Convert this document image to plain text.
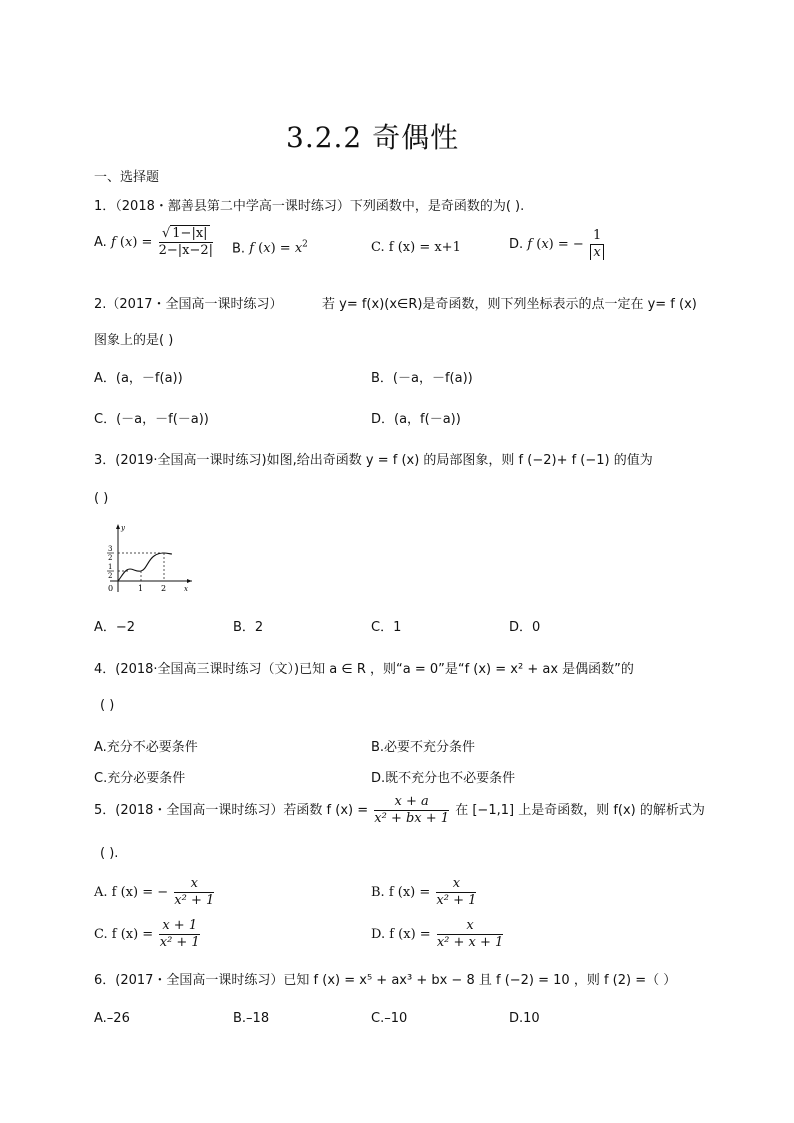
3.2.2 奇偶性
一、选择题
1．（2018・鄯善县第二中学高一课时练习）下列函数中，是奇函数的为( ).
A. f $(x) = \frac{√ 1-|x|}{2-|x-2|} B$. f $(x) = x^2$	C. f (x) = x+1	D. f (x) = − $\frac{1}{x}$
2.（2017・全国高一课时练习）	若 y= f(x)(x∈R)是奇函数，则下列坐标表示的点一定在 y= f (x)
图象上的是( )
A．(a，－f(a))	B．(－a，－f(a))
C．(－a，－f(－a))	D．(a，f(－a))
3．(2019·全国高一课时练习)如图,给出奇函数 y = f (x) 的局部图象，则 f (−2)+ f (−1) 的值为
( )
y
x
0	1 2
3
2
1
2
A．−2	B．2	C．1	D．0
4．(2018·全国高三课时练习（文）)已知 a ∈ R ，则“a = 0”是“f (x) = x² + ax 是偶函数”的
( )
A.充分不必要条件	B.必要不充分条件
C.充分必要条件	D.既不充分也不必要条件
5．(2018・全国高一课时练习）若函数 f $(x) = \frac{x + a}{\text{x² + bx + 1}}$ 在 [−1,1] 上是奇函数，则 f(x) 的解析式为
( ).
A. f (x) = − $\frac{x}{\text{x² + 1}}$	B. f $(x) = \frac{x}{\text{x² + 1}}$
C. f $(x) = \frac{x + 1}{\text{x² + 1}}$	D. f $(x) = \frac{x}{\text{x² + x + 1}}$
6．(2017・全国高一课时练习）已知 f (x) = x⁵ + ax³ + bx − 8 且 f (−2) = 10 ，则 f (2) =（ ）
A.–26	B.–18	C.–10	D.10
